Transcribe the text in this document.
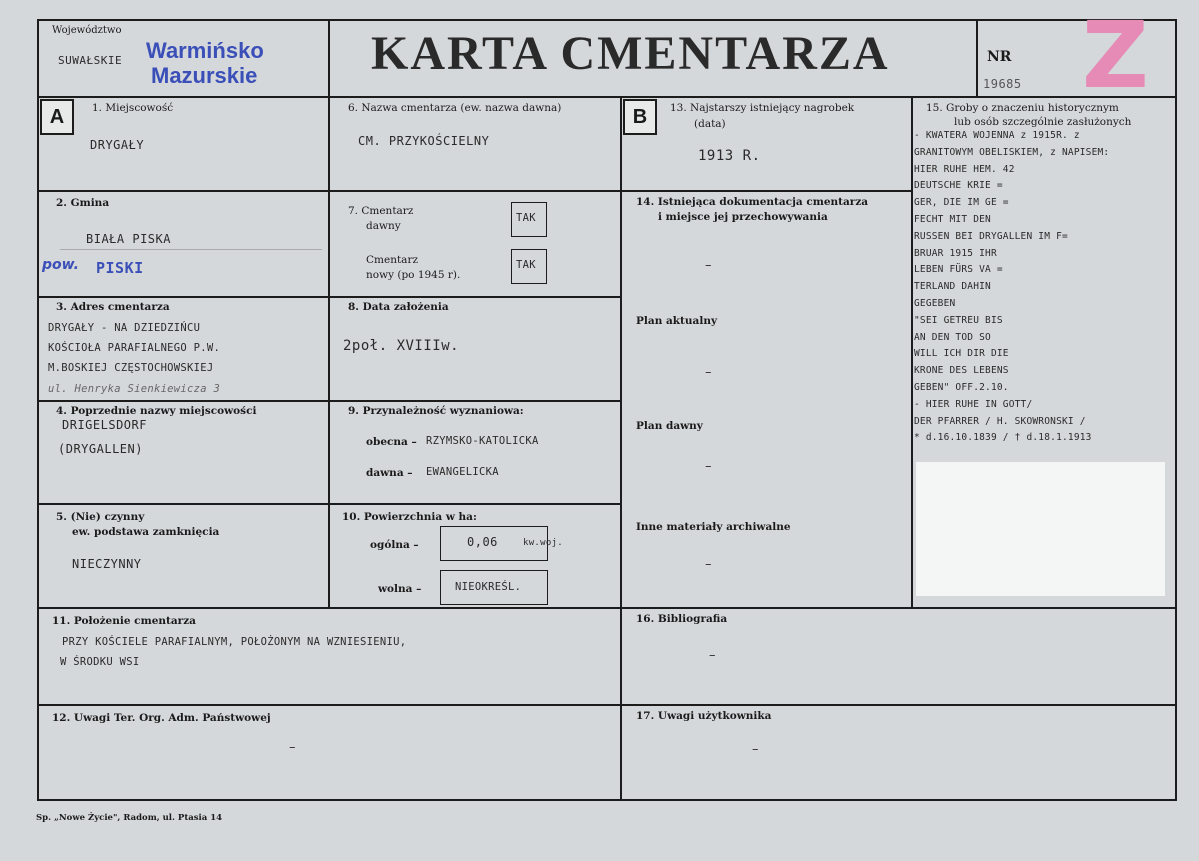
Województwo
SUWAŁSKIE Warmińsko
Mazurskie KARTA CMENTARZA	NR
19685 Z
A	1. Miejscowość
DRYGAŁY
6. Nazwa cmentarza (ew. nazwa dawna)
CM. PRZYKOŚCIELNY
2. Gmina
BIAŁA PISKA
pow. PISKI
7. Cmentarz
dawny
TAK
Cmentarz
nowy (po 1945 r).
TAK
3. Adres cmentarza
DRYGAŁY - NA DZIEDZIŃCU
KOŚCIOŁA PARAFIALNEGO P.W.
M.BOSKIEJ CZĘSTOCHOWSKIEJ
ul. Henryka Sienkiewicza 3
8. Data założenia
2poł. XVIIIw.
4. Poprzednie nazwy miejscowości
DRIGELSDORF
(DRYGALLEN)
9. Przynależność wyznaniowa:
obecna – RZYMSKO-KATOLICKA
dawna – EWANGELICKA
5. (Nie) czynny
ew. podstawa zamknięcia
NIECZYNNY
10. Powierzchnia w ha:
ogólna –	0,06	kw.woj.
wolna –	NIEOKREŚL.
B	13. Najstarszy istniejący nagrobek
(data)
1913 R.
14. Istniejąca dokumentacja cmentarza
i miejsce jej przechowywania
–
Plan aktualny
–
Plan dawny
–
Inne materiały archiwalne
–
15. Groby o znaczeniu historycznym
lub osób szczególnie zasłużonych
- KWATERA WOJENNA z 1915R. z
GRANITOWYM OBELISKIEM, z NAPISEM:
HIER RUHE HEM. 42
DEUTSCHE KRIE =
GER, DIE IM GE =
FECHT MIT DEN
RUSSEN BEI DRYGALLEN IM F=
BRUAR 1915 IHR
LEBEN FÜRS VA =
TERLAND DAHIN
GEGEBEN
"SEI GETREU BIS
AN DEN TOD SO
WILL ICH DIR DIE
KRONE DES LEBENS
GEBEN" OFF.2.10.
- HIER RUHE IN GOTT/
DER PFARRER / H. SKOWRONSKI /
* d.16.10.1839 / † d.18.1.1913
11. Położenie cmentarza
PRZY KOŚCIELE PARAFIALNYM, POŁOŻONYM NA WZNIESIENIU,
W ŚRODKU WSI
16. Bibliografia
–
12. Uwagi Ter. Org. Adm. Państwowej
–
17. Uwagi użytkownika
–
Sp. „Nowe Życie", Radom, ul. Ptasia 14
